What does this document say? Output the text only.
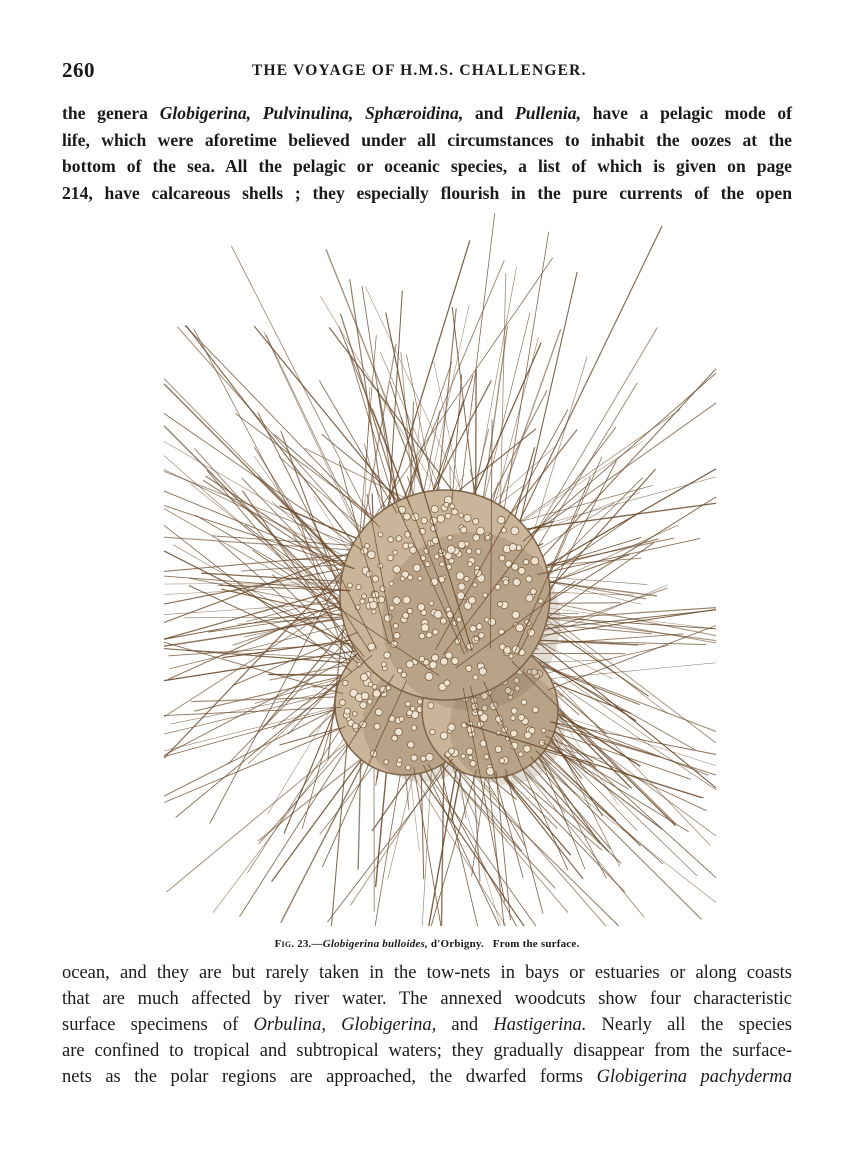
260	THE VOYAGE OF H.M.S. CHALLENGER.
the genera Globigerina, Pulvinulina, Sphæroidina, and Pullenia, have a pelagic mode of
life, which were aforetime believed under all circumstances to inhabit the oozes at the
bottom of the sea. All the pelagic or oceanic species, a list of which is given on page
214, have calcareous shells ; they especially flourish in the pure currents of the open
Fig. 23.—Globigerina bulloides, d'Orbigny.   From the surface.
ocean, and they are but rarely taken in the tow-nets in bays or estuaries or along coasts
that are much affected by river water. The annexed woodcuts show four characteristic
surface specimens of Orbulina, Globigerina, and Hastigerina. Nearly all the species
are confined to tropical and subtropical waters; they gradually disappear from the surface-
nets as the polar regions are approached, the dwarfed forms Globigerina pachyderma
